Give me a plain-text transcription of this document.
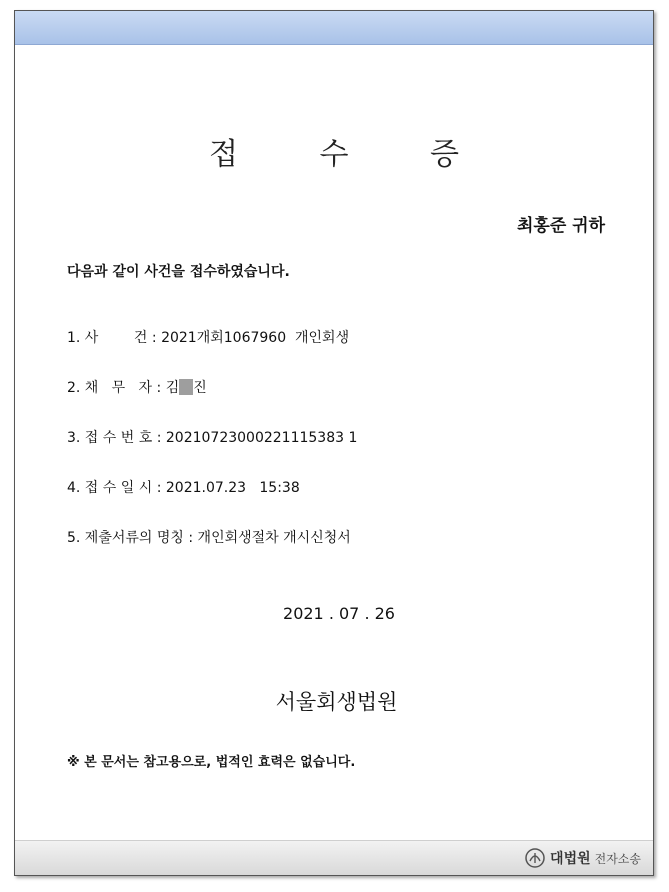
접 수 증
최홍준 귀하
다음과 같이 사건을 접수하였습니다.
1. 사        건 : 2021개회1067960  개인회생
2. 채   무   자 : 김 진
3. 접 수 번 호 : 20210723000221115383 1
4. 접 수 일 시 : 2021.07.23   15:38
5. 제출서류의 명칭 : 개인회생절차 개시신청서
2021 . 07 . 26
서울회생법원
※ 본 문서는 참고용으로, 법적인 효력은 없습니다.
대법원 전자소송
